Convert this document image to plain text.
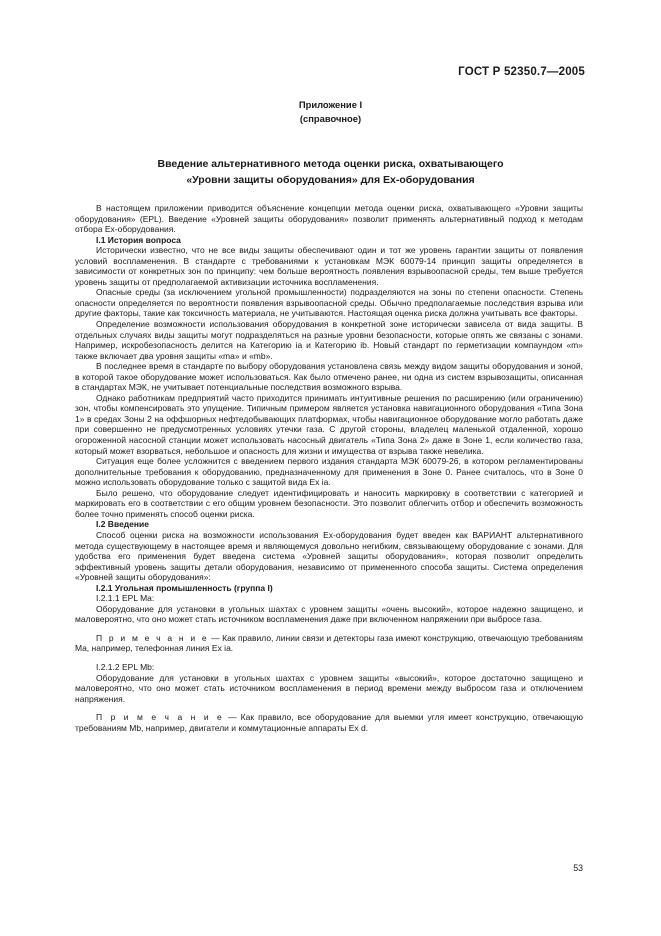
ГОСТ Р 52350.7—2005
Приложение I
(справочное)
Введение альтернативного метода оценки риска, охватывающего
«Уровни защиты оборудования» для Ex-оборудования

В настоящем приложении приводится объяснение концепции метода оценки риска, охватывающего «Уровни защиты оборудования» (EPL). Введение «Уровней защиты оборудования» позволит применять альтернативный подход к методам отбора Ex-оборудования.

I.1 История вопроса

Исторически известно, что не все виды защиты обеспечивают один и тот же уровень гарантии защиты от появления условий воспламенения. В стандарте с требованиями к установкам МЭК 60079-14 принцип защиты определяется в зависимости от конкретных зон по принципу: чем больше вероятность появления взрывоопасной среды, тем выше требуется уровень защиты от предполагаемой активизации источника воспламенения.

Опасные среды (за исключением угольной промышленности) подразделяются на зоны по степени опасности. Степень опасности определяется по вероятности появления взрывоопасной среды. Обычно предполагаемые последствия взрыва или другие факторы, такие как токсичность материала, не учитываются. Настоящая оценка риска должна учитывать все факторы.

Определение возможности использования оборудования в конкретной зоне исторически зависела от вида защиты. В отдельных случаях виды защиты могут подразделяться на разные уровни безопасности, которые опять же связаны с зонами. Например, искробезопасность делится на Категорию ia и Категорию ib. Новый стандарт по герметизации компаундом «m» также включает два уровня защиты «ma» и «mb».

В последнее время в стандарте по выбору оборудования установлена связь между видом защиты оборудования и зоной, в которой такое оборудование может использоваться. Как было отмечено ранее, ни одна из систем взрывозащиты, описанная в стандартах МЭК, не учитывает потенциальные последствия возможного взрыва.

Однако работникам предприятий часто приходится принимать интуитивные решения по расширению (или ограничению) зон, чтобы компенсировать это упущение. Типичным примером является установка навигационного оборудования «Типа Зона 1» в средах Зоны 2 на оффшорных нефтедобывающих платформах, чтобы навигационное оборудование могло работать даже при совершенно не предусмотренных условиях утечки газа. С другой стороны, владелец маленькой отдаленной, хорошо огороженной насосной станции может использовать насосный двигатель «Типа Зона 2» даже в Зоне 1, если количество газа, который может взорваться, небольшое и опасность для жизни и имущества от взрыва также невелика.

Ситуация еще более усложнится с введением первого издания стандарта МЭК 60079-26, в котором регламентированы дополнительные требования к оборудованию, предназначенному для применения в Зоне 0. Ранее считалось, что в Зоне 0 можно использовать оборудование только с защитой вида Ex ia.

Было решено, что оборудование следует идентифицировать и наносить маркировку в соответствии с категорией и маркировать его в соответствии с его общим уровнем безопасности. Это позволит облегчить отбор и обеспечить возможность более точно применять способ оценки риска.

I.2 Введение

Способ оценки риска на возможности использования Ex-оборудования будет введен как ВАРИАНТ альтернативного метода существующему в настоящее время и являющемуся довольно негибким, связывающему оборудование с зонами. Для удобства его применения будет введена система «Уровней защиты оборудования», которая позволит определить эффективный уровень защиты детали оборудования, независимо от примененного способа защиты. Система определения «Уровней защиты оборудования»:

I.2.1 Угольная промышленность (группа I)
I.2.1.1 EPL Ma:

Оборудование для установки в угольных шахтах с уровнем защиты «очень высокий», которое надежно защищено, и маловероятно, что оно может стать источником воспламенения даже при включенном напряжении при выбросе газа.

П р и м е ч а н и е — Как правило, линии связи и детекторы газа имеют конструкцию, отвечающую требованиям Ma, например, телефонная линия Ex ia.

I.2.1.2 EPL Mb:

Оборудование для установки в угольных шахтах с уровнем защиты «высокий», которое достаточно защищено и маловероятно, что оно может стать источником воспламенения в период времени между выбросом газа и отключением напряжения.

П р и м е ч а н и е — Как правило, все оборудование для выемки угля имеет конструкцию, отвечающую требованиям Mb, например, двигатели и коммутационные аппараты Ex d.

53
